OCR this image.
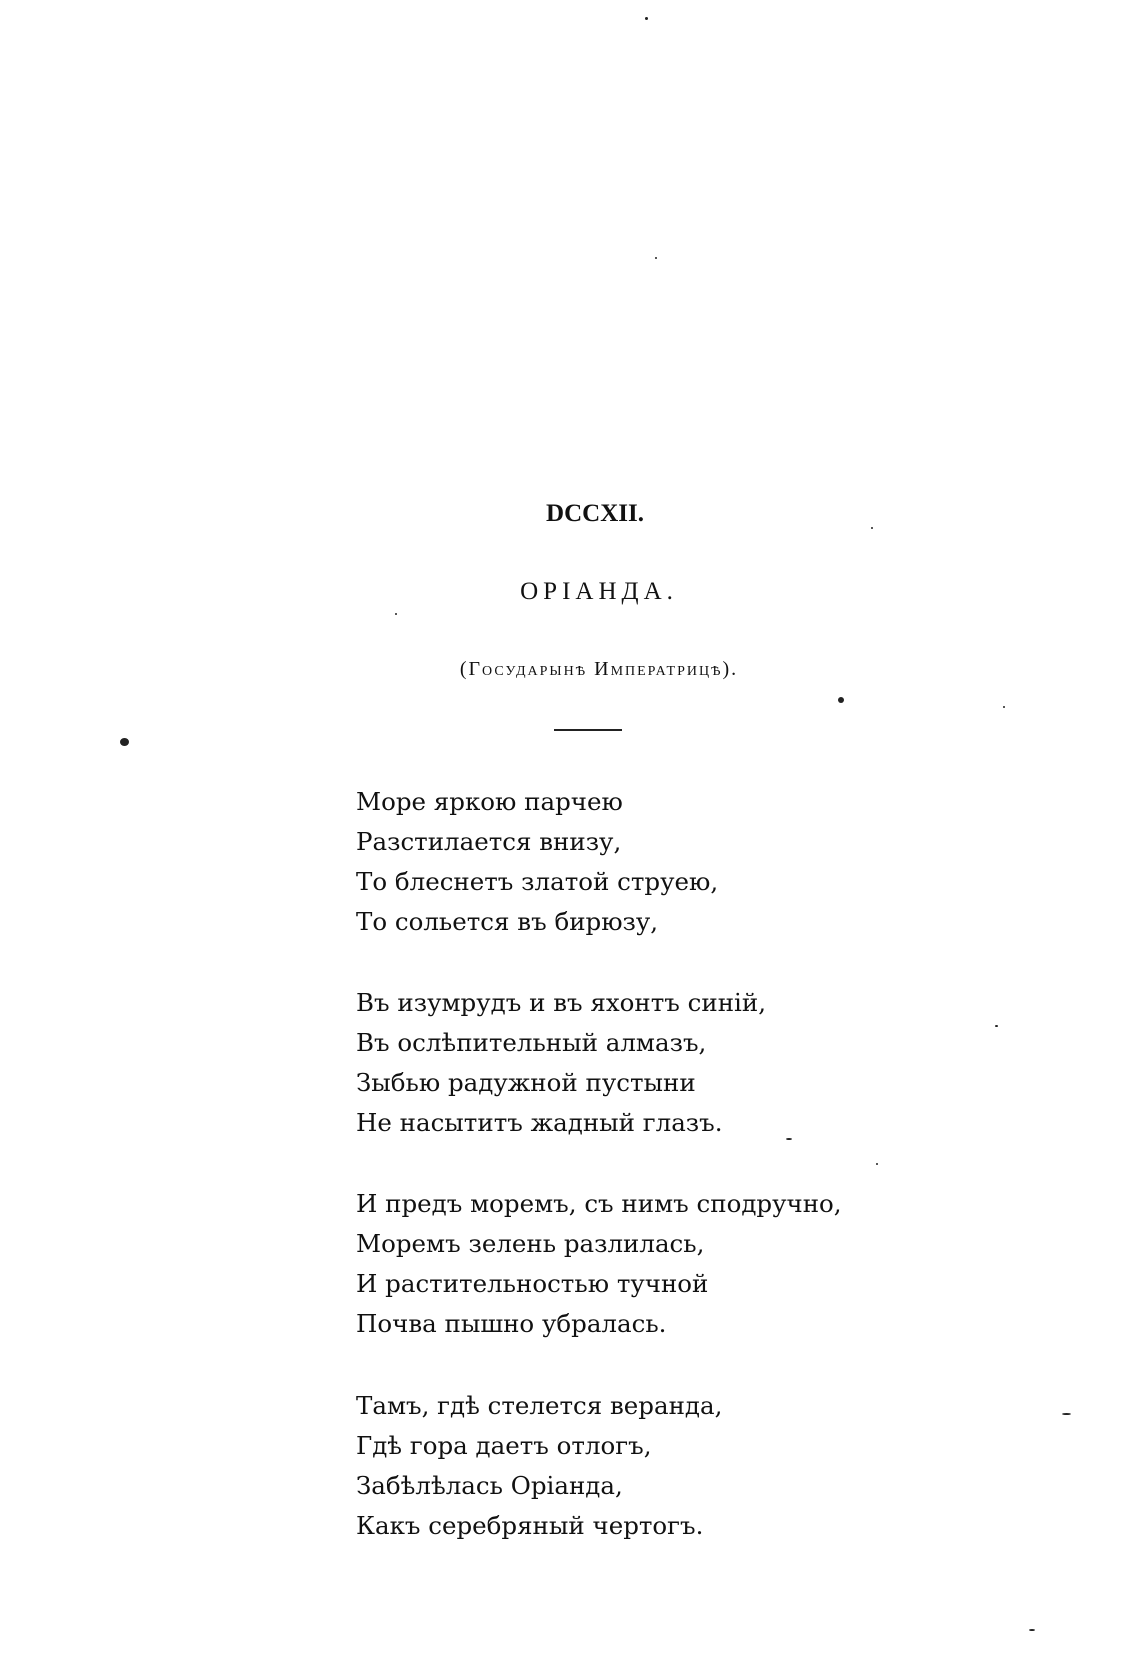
DCCXII.
ОРІАНДА.
(Государынѣ Императрицѣ).
Море яркою парчею
Разстилается внизу,
То блеснетъ златой струею,
То сольется въ бирюзу,
Въ изумрудъ и въ яхонтъ синій,
Въ ослѣпительный алмазъ,
Зыбью радужной пустыни
Не насытитъ жадный глазъ.
И предъ моремъ, съ нимъ сподручно,
Моремъ зелень разлилась,
И растительностью тучной
Почва пышно убралась.
Тамъ, гдѣ стелется веранда,
Гдѣ гора даетъ отлогъ,
Забѣлѣлась Оріанда,
Какъ серебряный чертогъ.
